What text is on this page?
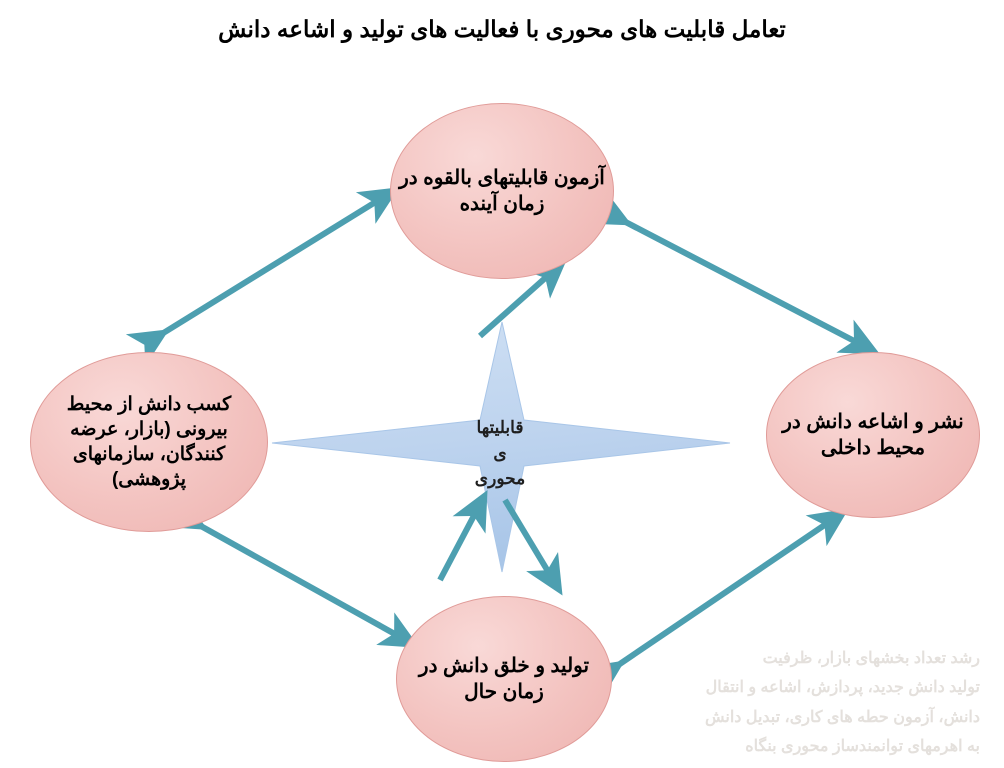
تعامل قابلیت های محوری با فعالیت های تولید و اشاعه دانش
آزمون قابلیتهای بالقوه در زمان آینده
کسب دانش از محیط بیرونی (بازار، عرضه کنندگان، سازمانهای پژوهشی)
نشر و اشاعه دانش در محیط داخلی
تولید و خلق دانش در زمان حال
قابلیتها
ی
محوری
رشد تعداد بخشهای بازار، ظرفیت
تولید دانش جدید، پردازش، اشاعه و انتقال
دانش، آزمون حطه های کاری، تبدیل دانش
به اهرمهای توانمندساز محوری بنگاه
